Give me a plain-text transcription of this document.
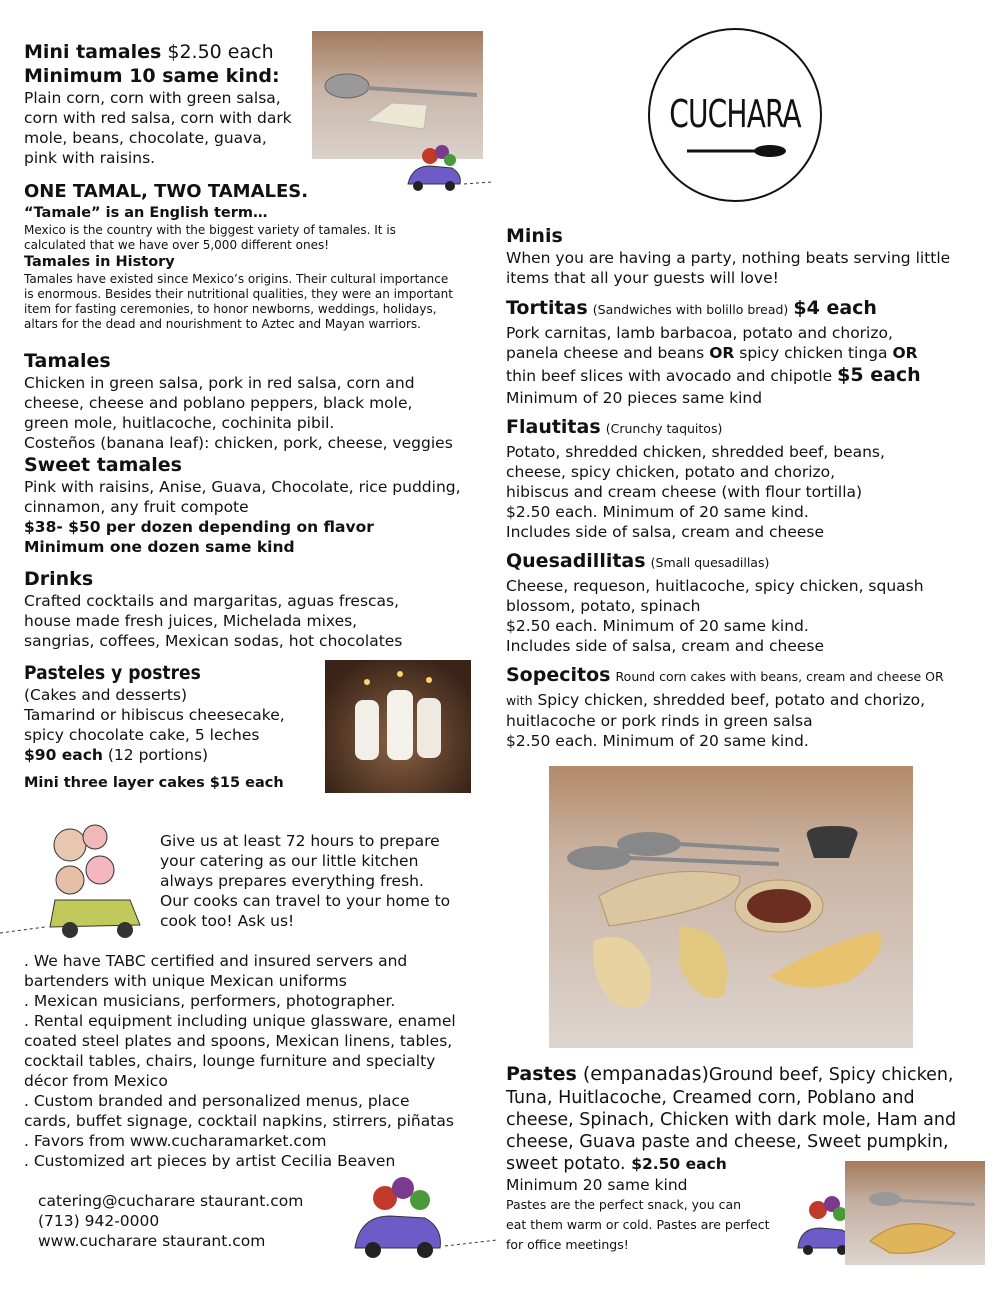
Mini tamales $2.50 each
Minimum 10 same kind:
Plain corn, corn with green salsa,
corn with red salsa, corn with dark
mole, beans, chocolate, guava,
pink with raisins.
ONE TAMAL, TWO TAMALES.
“Tamale” is an English term…
Mexico is the country with the biggest variety of tamales. It is
calculated that we have over 5,000 different ones!
Tamales in History
Tamales have existed since Mexico’s origins. Their cultural importance
is enormous. Besides their nutritional qualities, they were an important
item for fasting ceremonies, to honor newborns, weddings, holidays,
altars for the dead and nourishment to Aztec and Mayan warriors.
Tamales
Chicken in green salsa, pork in red salsa, corn and
cheese, cheese and poblano peppers, black mole,
green mole, huitlacoche, cochinita pibil.
Costeños (banana leaf): chicken, pork, cheese, veggies
Sweet tamales
Pink with raisins, Anise, Guava, Chocolate, rice pudding,
cinnamon, any fruit compote
$38- $50 per dozen depending on flavor
Minimum one dozen same kind
Drinks
Crafted cocktails and margaritas, aguas frescas,
house made fresh juices, Michelada mixes,
sangrias, coffees, Mexican sodas, hot chocolates
Pasteles y postres
(Cakes and desserts)
Tamarind or hibiscus cheesecake,
spicy chocolate cake, 5 leches
$90 each (12 portions)
Mini three layer cakes $15 each
Give us at least 72 hours to prepare
your catering as our little kitchen
always prepares everything fresh.
Our cooks can travel to your home to
cook too! Ask us!
. We have TABC certified and insured servers and
bartenders with unique Mexican uniforms
. Mexican musicians, performers, photographer.
. Rental equipment including unique glassware, enamel
coated steel plates and spoons, Mexican linens, tables,
cocktail tables, chairs, lounge furniture and specialty
décor from Mexico
. Custom branded and personalized menus, place
cards, buffet signage, cocktail napkins, stirrers, piñatas
. Favors from www.cucharamarket.com
. Customized art pieces by artist Cecilia Beaven
catering@cucharare staurant.com
(713) 942-0000
www.cucharare staurant.com
CUCHARA
Minis
When you are having a party, nothing beats serving little
items that all your guests will love!
Tortitas (Sandwiches with bolillo bread) $4 each
Pork carnitas, lamb barbacoa, potato and chorizo,
panela cheese and beans OR spicy chicken tinga OR
thin beef slices with avocado and chipotle $5 each
Minimum of 20 pieces same kind
Flautitas (Crunchy taquitos)
Potato, shredded chicken, shredded beef, beans,
cheese, spicy chicken, potato and chorizo,
hibiscus and cream cheese (with flour tortilla)
$2.50 each. Minimum of 20 same kind.
Includes side of salsa, cream and cheese
Quesadillitas (Small quesadillas)
Cheese, requeson, huitlacoche, spicy chicken, squash
blossom, potato, spinach
$2.50 each. Minimum of 20 same kind.
Includes side of salsa, cream and cheese
Sopecitos Round corn cakes with beans, cream and cheese OR
with Spicy chicken, shredded beef, potato and chorizo,
huitlacoche or pork rinds in green salsa
$2.50 each. Minimum of 20 same kind.
Pastes (empanadas)Ground beef, Spicy chicken,
Tuna, Huitlacoche, Creamed corn, Poblano and
cheese, Spinach, Chicken with dark mole, Ham and
cheese, Guava paste and cheese, Sweet pumpkin,
sweet potato. $2.50 each
Minimum 20 same kind
Pastes are the perfect snack, you can
eat them warm or cold. Pastes are perfect
for office meetings!
